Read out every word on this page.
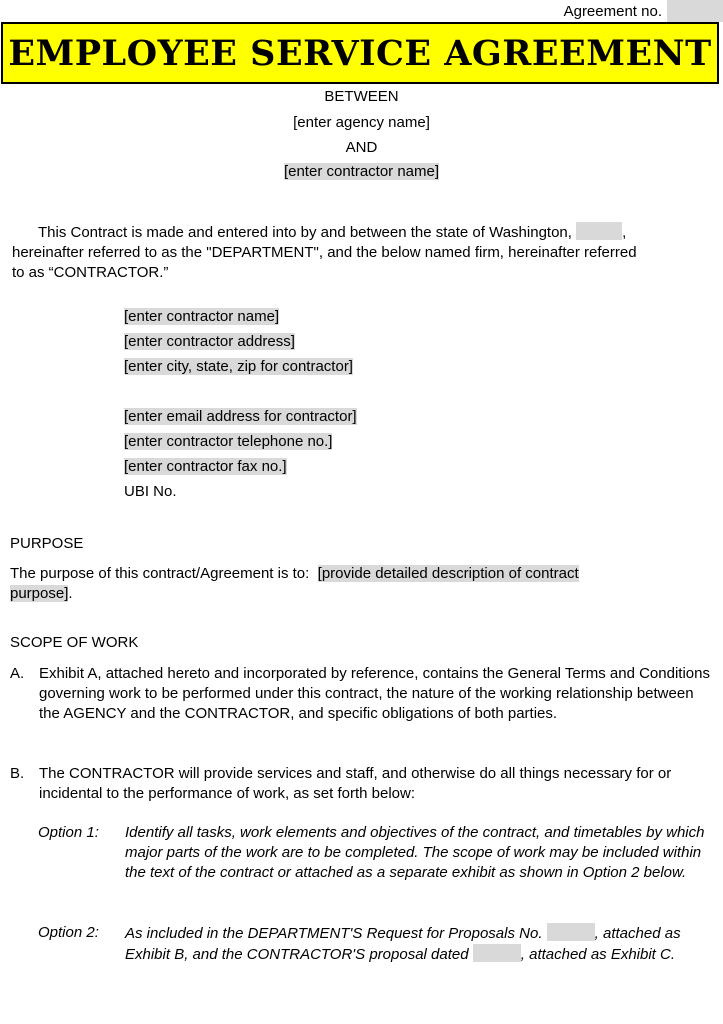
Agreement no.
EMPLOYEE SERVICE AGREEMENT
BETWEEN
[enter agency name]
AND
[enter contractor name]
This Contract is made and entered into by and between the state of Washington,	,
hereinafter referred to as the "DEPARTMENT", and the below named firm, hereinafter referred
to as “CONTRACTOR.”
[enter contractor name]
[enter contractor address]
[enter city, state, zip for contractor]
[enter email address for contractor]
[enter contractor telephone no.]
[enter contractor fax no.]
UBI No.
PURPOSE
The purpose of this contract/Agreement is to: [provide detailed description of contract
purpose].
SCOPE OF WORK
A. Exhibit A, attached hereto and incorporated by reference, contains the General Terms and Conditions governing work to be performed under this contract, the nature of the working relationship between the AGENCY and the CONTRACTOR, and specific obligations of both parties.
B. The CONTRACTOR will provide services and staff, and otherwise do all things necessary for or incidental to the performance of work, as set forth below:
Option 1: Identify all tasks, work elements and objectives of the contract, and timetables by which major parts of the work are to be completed. The scope of work may be included within the text of the contract or attached as a separate exhibit as shown in Option 2 below.
Option 2: As included in the DEPARTMENT'S Request for Proposals No.	, attached as Exhibit B, and the CONTRACTOR'S proposal dated	, attached as Exhibit C.
